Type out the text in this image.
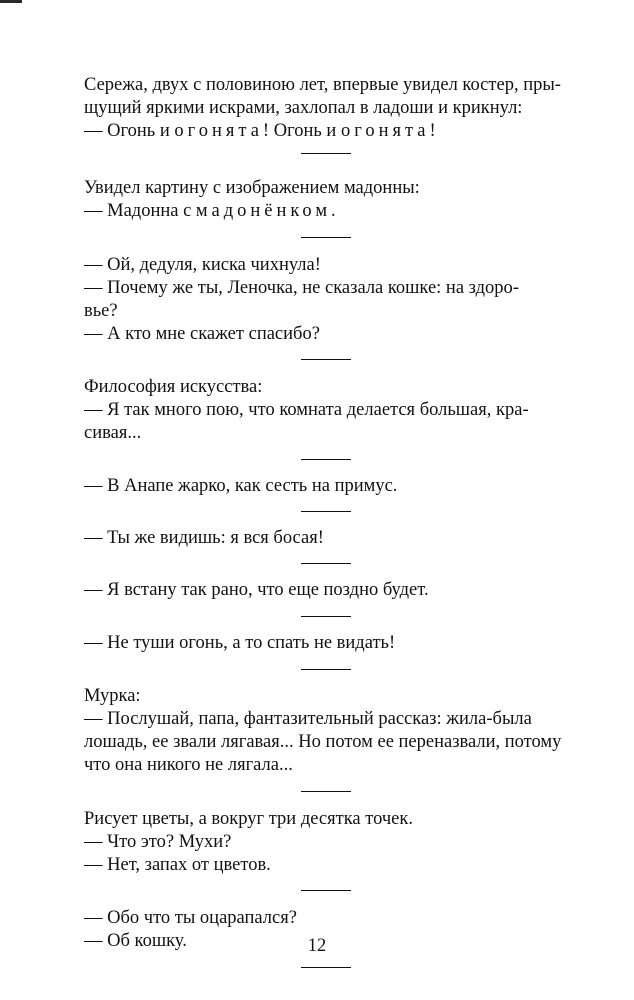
Сережа, двух с половиною лет, впервые увидел костер, пры-

щущий яркими искрами, захлопал в ладоши и крикнул:

— Огонь и огонята! Огонь и огонята!

Увидел картину с изображением мадонны:

— Мадонна с мадонёнком.

— Ой, дедуля, киска чихнула!

— Почему же ты, Леночка, не сказала кошке: на здоро-

вье?

— А кто мне скажет спасибо?

Философия искусства:

— Я так много пою, что комната делается большая, кра-

сивая...

— В Анапе жарко, как сесть на примус.

— Ты же видишь: я вся босая!

— Я встану так рано, что еще поздно будет.

— Не туши огонь, а то спать не видать!

Мурка:

— Послушай, папа, фантазительный рассказ: жила-была

лошадь, ее звали лягавая... Но потом ее переназвали, потому

что она никого не лягала...

Рисует цветы, а вокруг три десятка точек.

— Что это? Мухи?

— Нет, запах от цветов.

— Обо что ты оцарапался?

— Об кошку.	12
